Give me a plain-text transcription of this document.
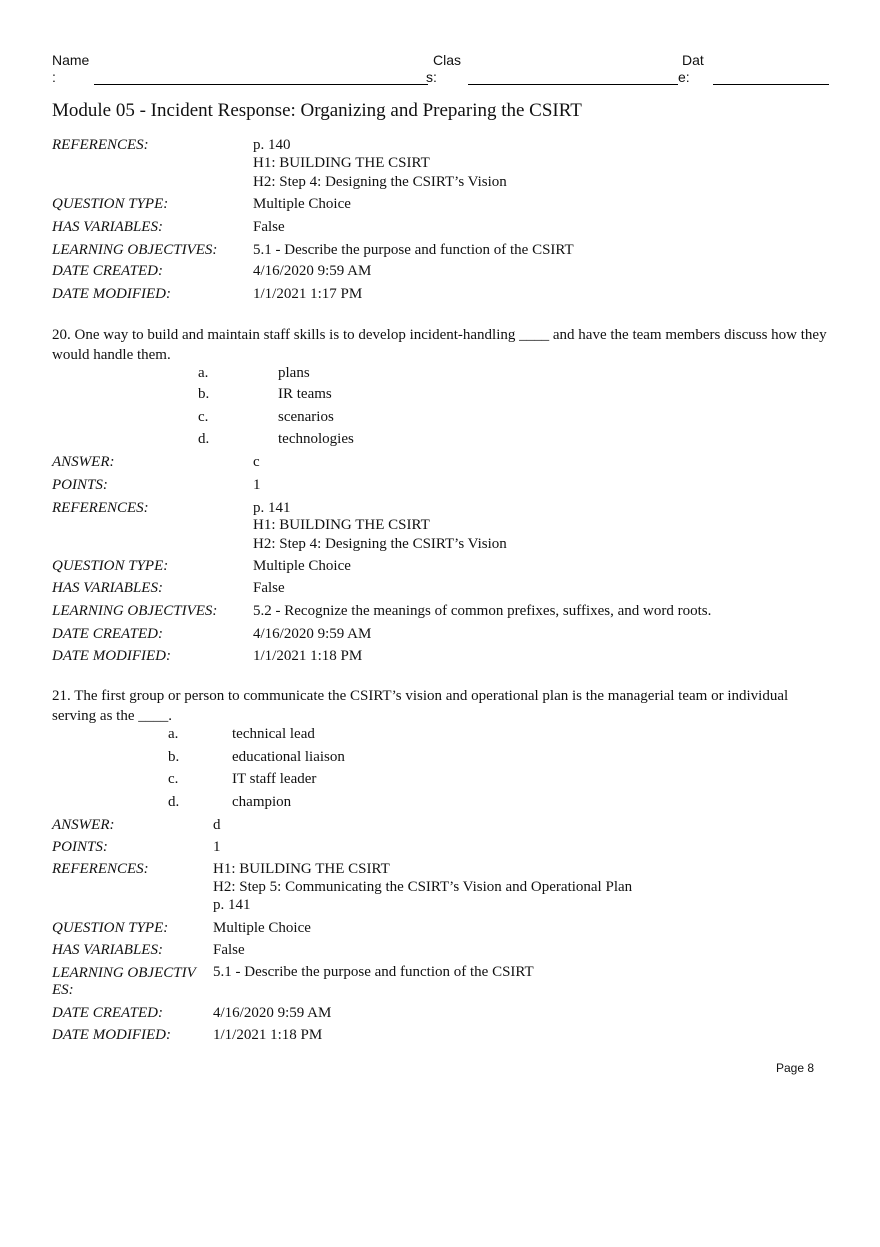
Name
:
Clas
s:
Dat
e:
Module 05 - Incident Response: Organizing and Preparing the CSIRT
REFERENCES:	p. 140
H1: BUILDING THE CSIRT
H2: Step 4: Designing the CSIRT’s Vision
QUESTION TYPE:	Multiple Choice
HAS VARIABLES:	False
LEARNING OBJECTIVES: 5.1 - Describe the purpose and function of the CSIRT
DATE CREATED:	4/16/2020 9:59 AM
DATE MODIFIED:	1/1/2021 1:17 PM
20. One way to build and maintain staff skills is to develop incident-handling ____ and have the team members discuss how they would handle them.
a.	plans
b.	IR teams
c.	scenarios
d.	technologies
ANSWER:	c
POINTS:	1
REFERENCES:	p. 141
H1: BUILDING THE CSIRT
H2: Step 4: Designing the CSIRT’s Vision
QUESTION TYPE:	Multiple Choice
HAS VARIABLES:	False
LEARNING OBJECTIVES: 5.2 - Recognize the meanings of common prefixes, suffixes, and word roots.
DATE CREATED:	4/16/2020 9:59 AM
DATE MODIFIED:	1/1/2021 1:18 PM
21. The first group or person to communicate the CSIRT’s vision and operational plan is the managerial team or individual serving as the ____.
a.	technical lead
b.	educational liaison
c.	IT staff leader
d.	champion
ANSWER:	d
POINTS:	1
REFERENCES:	H1: BUILDING THE CSIRT
H2: Step 5: Communicating the CSIRT’s Vision and Operational Plan
p. 141
QUESTION TYPE:	Multiple Choice
HAS VARIABLES:	False
LEARNING OBJECTIV ES:
5.1 - Describe the purpose and function of the CSIRT
DATE CREATED:	4/16/2020 9:59 AM
DATE MODIFIED:	1/1/2021 1:18 PM
Page 8
